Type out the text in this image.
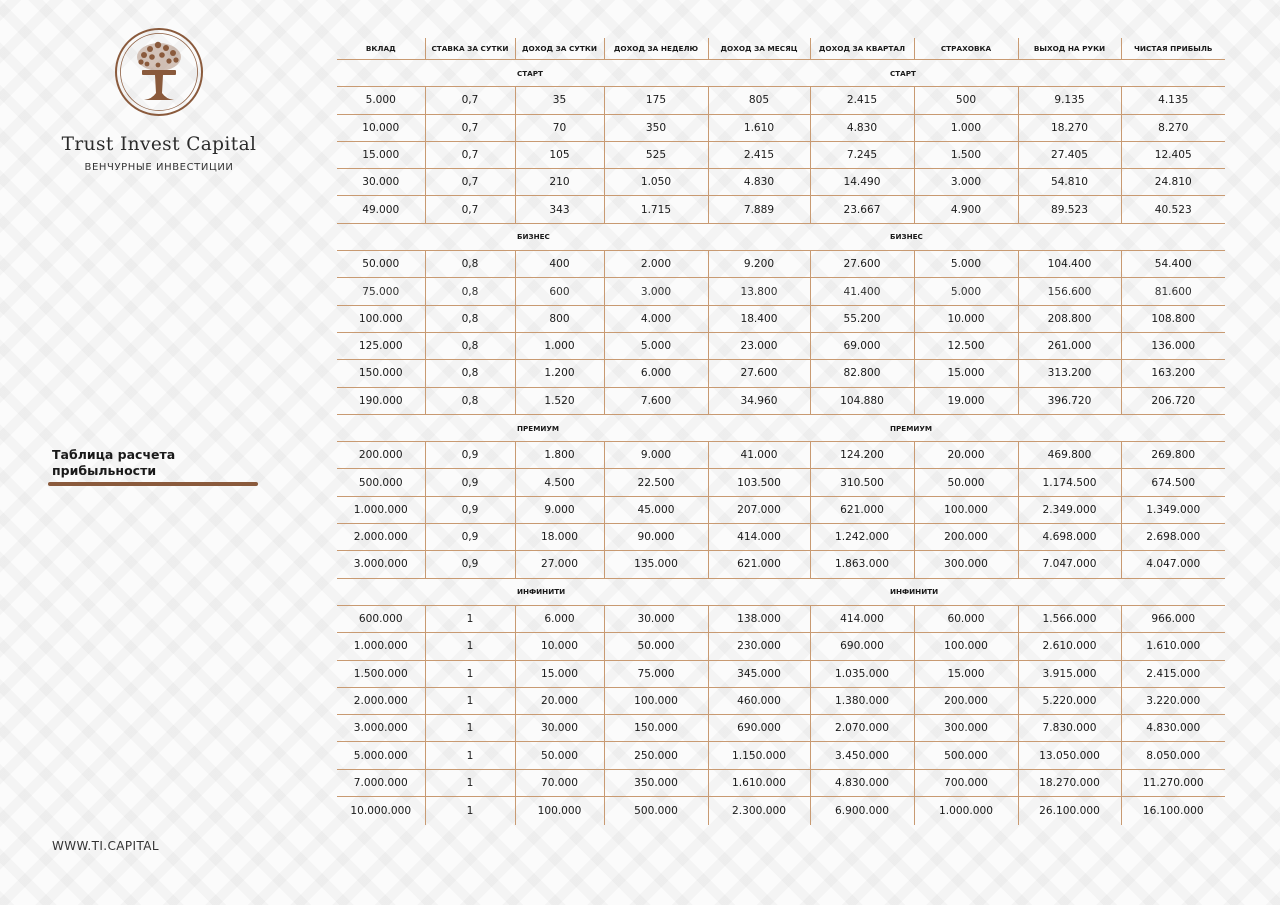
Trust Invest Capital
ВЕНЧУРНЫЕ ИНВЕСТИЦИИ
Таблица расчета прибыльности
WWW.TI.CAPITAL
ВКЛАД	СТАВКА ЗА СУТКИ	ДОХОД ЗА СУТКИ	ДОХОД ЗА НЕДЕЛЮ	ДОХОД ЗА МЕСЯЦ	ДОХОД ЗА КВАРТАЛ	СТРАХОВКА	ВЫХОД НА РУКИ	ЧИСТАЯ ПРИБЫЛЬ
СТАРТ					СТАРТ			
5.000	0,7	35	175	805	2.415	500	9.135	4.135
10.000	0,7	70	350	1.610	4.830	1.000	18.270	8.270
15.000	0,7	105	525	2.415	7.245	1.500	27.405	12.405
30.000	0,7	210	1.050	4.830	14.490	3.000	54.810	24.810
49.000	0,7	343	1.715	7.889	23.667	4.900	89.523	40.523
БИЗНЕС					БИЗНЕС			
50.000	0,8	400	2.000	9.200	27.600	5.000	104.400	54.400
75.000	0,8	600	3.000	13.800	41.400	5.000	156.600	81.600
100.000	0,8	800	4.000	18.400	55.200	10.000	208.800	108.800
125.000	0,8	1.000	5.000	23.000	69.000	12.500	261.000	136.000
150.000	0,8	1.200	6.000	27.600	82.800	15.000	313.200	163.200
190.000	0,8	1.520	7.600	34.960	104.880	19.000	396.720	206.720
ПРЕМИУМ					ПРЕМИУМ			
200.000	0,9	1.800	9.000	41.000	124.200	20.000	469.800	269.800
500.000	0,9	4.500	22.500	103.500	310.500	50.000	1.174.500	674.500
1.000.000	0,9	9.000	45.000	207.000	621.000	100.000	2.349.000	1.349.000
2.000.000	0,9	18.000	90.000	414.000	1.242.000	200.000	4.698.000	2.698.000
3.000.000	0,9	27.000	135.000	621.000	1.863.000	300.000	7.047.000	4.047.000
ИНФИНИТИ					ИНФИНИТИ			
600.000	1	6.000	30.000	138.000	414.000	60.000	1.566.000	966.000
1.000.000	1	10.000	50.000	230.000	690.000	100.000	2.610.000	1.610.000
1.500.000	1	15.000	75.000	345.000	1.035.000	15.000	3.915.000	2.415.000
2.000.000	1	20.000	100.000	460.000	1.380.000	200.000	5.220.000	3.220.000
3.000.000	1	30.000	150.000	690.000	2.070.000	300.000	7.830.000	4.830.000
5.000.000	1	50.000	250.000	1.150.000	3.450.000	500.000	13.050.000	8.050.000
7.000.000	1	70.000	350.000	1.610.000	4.830.000	700.000	18.270.000	11.270.000
10.000.000	1	100.000	500.000	2.300.000	6.900.000	1.000.000	26.100.000	16.100.000
